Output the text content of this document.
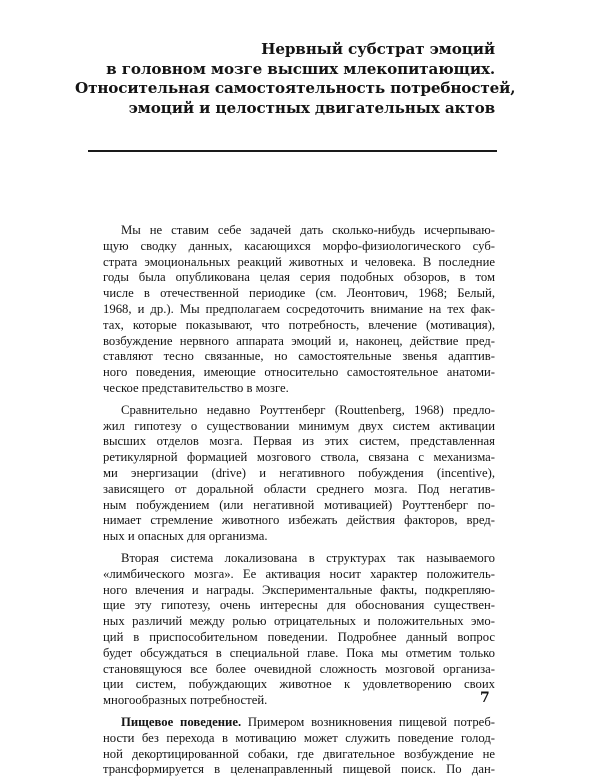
Нервный субстрат эмоций
в головном мозге высших млекопитающих.
Относительная самостоятельность потребностей,
эмоций и целостных двигательных актов
Мы не ставим себе задачей дать сколько-нибудь исчерпываю-
щую сводку данных, касающихся морфо-физиологического суб-
страта эмоциональных реакций животных и человека. В последние
годы была опубликована целая серия подобных обзоров, в том
числе в отечественной периодике (см. Леонтович, 1968; Белый,
1968, и др.). Мы предполагаем сосредоточить внимание на тех фак-
тах, которые показывают, что потребность, влечение (мотивация),
возбуждение нервного аппарата эмоций и, наконец, действие пред-
ставляют тесно связанные, но самостоятельные звенья адаптив-
ного поведения, имеющие относительно самостоятельное анатоми-
ческое представительство в мозге.
Сравнительно недавно Роуттенберг (Routtenberg, 1968) предло-
жил гипотезу о существовании минимум двух систем активации
высших отделов мозга. Первая из этих систем, представленная
ретикулярной формацией мозгового ствола, связана с механизма-
ми энергизации (drive) и негативного побуждения (incentive),
зависящего от доральной области среднего мозга. Под негатив-
ным побуждением (или негативной мотивацией) Роуттенберг по-
нимает стремление животного избежать действия факторов, вред-
ных и опасных для организма.
Вторая система локализована в структурах так называемого
«лимбического мозга». Ее активация носит характер положитель-
ного влечения и награды. Экспериментальные факты, подкрепляю-
щие эту гипотезу, очень интересны для обоснования существен-
ных различий между ролью отрицательных и положительных эмо-
ций в приспособительном поведении. Подробнее данный вопрос
будет обсуждаться в специальной главе. Пока мы отметим только
становящуюся все более очевидной сложность мозговой организа-
ции систем, побуждающих животное к удовлетворению своих
многообразных потребностей.
Пищевое поведение. Примером возникновения пищевой потреб-
ности без перехода в мотивацию может служить поведение голод-
ной декортицированной собаки, где двигательное возбуждение не
трансформируется в целенаправленный пищевой поиск. По дан-
7
